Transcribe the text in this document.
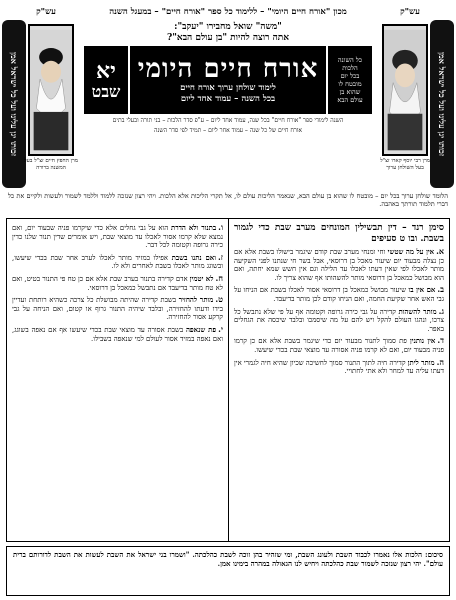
עש"ק
מכון "אורח חיים היומי" – ללימוד כל ספר "אורח חיים" – במעגל השנה
עש"ק
זכותו יגן עלינו ועל כל ישראל אמן
זכותו יגן עלינו ועל כל ישראל אמן
מרן רבי יוסף קארו זצ"ל בעל השולחן ערוך
מרן החפץ חיים זצ"ל בעל המשנה ברורה
"משה" שואל מחבירו "יעקב":
אתה רוצה להיות "בן עולם הבא"?
כל השונה
הלכות
בכל יום
מובטח לו
שהוא בן
עולם הבא
אורח חיים היומי
לימוד שולחן ערוך אורח חיים
בכל השנה – עמוד אחד ליום
יא
שבט
השנה לימודי ספר "אורח חיים" בכל שנה, עמוד אחד ליום – ע"פ סדר הלכות – בני תורה ובעלי בתים
אורח חיים של כל שנה – עמוד אחר ליום – תמיד לפי סדר השנה
הלומד שולחן ערוך בכל יום – מובטח לו שהוא בן עולם הבא, שנאמר הליכות עולם לו, אל תקרי הליכות אלא הלכות. ויהי רצון שנזכה ללמוד וללמד לשמור ולעשות ולקיים את כל דברי תלמוד תורתך באהבה.
סימן רנד – דין תבשילין המונחים מערב שבת כדי לגמור בשבת. ובו ט סעיפים
א.אין על מה שטשי וחי ומנחי מערב שבת קודם שיגמר בישולו בשבת אלא אם כן נצלה מבעוד יום שיעור מאכל בן דרוסאי, אבל בשר חי שנתנו לפני השקיעה מותר לאכלו לפי שאין דעתו לאכלו עד הלילה וגם אין חשש שמא יחתה, ואם הוא מבושל כמאכל בן דרוסאי מותר להשהותו אף שהוא צריך לו.
ב.אם אין בו שיעור מבושל כמאכל בן דרוסאי אסור לאכלו בשבת אם הניחו על גבי האש אחר שקיעת החמה, ואם הניחו קודם לכן מותר בדיעבד.
ג.מותר להשהות קדירה על גבי כירה גרופה וקטומה אף על פי שלא נתבשל כל צרכו, ונהגו העולם להקל ויש להם על מה שיסמכו ובלבד שיכסה את הגחלים באפר.
ד.אין נותנין פת סמוך לתנור מבעוד יום כדי שיגמר בשבת אלא אם כן קרמו פניה מבעוד יום, ואם לא קרמו פניה אסורה עד מוצאי שבת בכדי שיעשו.
ה.מותר ליתן קדירה חיה לתוך התנור סמוך לחשיכה שכיון שהיא חיה לגמרי אין דעתו עליה עד למחר ולא אתי לחתויי.
ו.בתנור ולא הדרת הוא על גבי גחלים אלא כדי שיקרמו פניה שבעוד יום, ואם נמצא שלא קרמו אסור לאכלו עד מוצאי שבת, ויש אומרים שדין תנור שלנו כדין כירה גרופה וקטומה לכל דבר.
ז.ואם נתנו בשבת אפילו במזיד מותר לאכלו לערב אחר שבת בכדי שיעשו, ובשוגג מותר לאכלו בשבת לאחרים ולא לו.
ח.לא יטמין אדם קדירה בתנור בערב שבת אלא אם כן טח פי התנור בטיט, ואם לא טח מותר בדיעבד אם נתבשל כמאכל בן דרוסאי.
ט.מותר להחזיר בשבת קדירה שהיתה מבושלת כל צרכה כשהיא רותחת ועדיין בידו ודעתו להחזירה, ובלבד שיהיה התנור גרוף או קטום, ואם הניחה על גבי קרקע אסור להחזירה.
י.פת שנאפה בשבת אסורה עד מוצאי שבת בכדי שיעשו אף אם נאפה בשוגג, ואם נאפה במזיד אסור לעולם למי שנאפה בשבילו.
סיכום: הלכות אלו נאמרו לכבוד השבת ולעונג השבת, ומי שזהיר בהן זוכה לשבת כהלכתה. "ושמרו בני ישראל את השבת לעשות את השבת לדורותם ברית עולם". יהי רצון שנזכה לשמור שבת כהלכתה ויחיש לנו הגאולה במהרה בימינו אמן.
